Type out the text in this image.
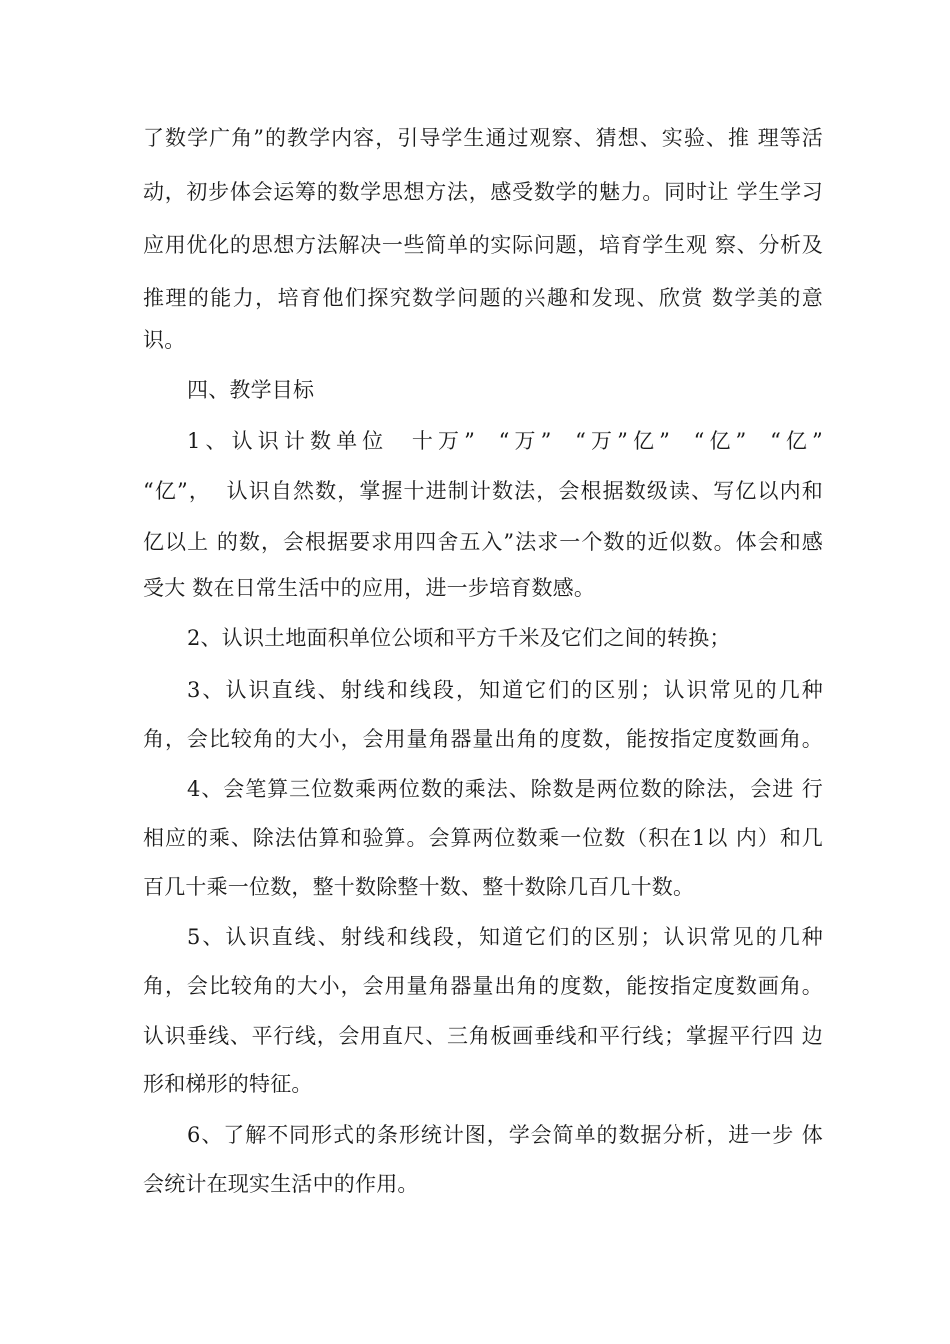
了数学广角”的教学内容，引导学生通过观察、猜想、实验、推 理等活
动，初步体会运筹的数学思想方法，感受数学的魅力。同时让 学生学习
应用优化的思想方法解决一些简单的实际问题，培育学生观 察、分析及
推理的能力，培育他们探究数学问题的兴趣和发现、欣赏 数学美的意
识。
四、教学目标
1、认识计数单位  十万”  “万”  “万”亿”  “亿”  “亿”
“亿”，  认识自然数，掌握十进制计数法，会根据数级读、写亿以内和
亿以上 的数，会根据要求用四舍五入”法求一个数的近似数。体会和感
受大 数在日常生活中的应用，进一步培育数感。
2、认识土地面积单位公顷和平方千米及它们之间的转换；
3、认识直线、射线和线段，知道它们的区别；认识常见的几种
角，会比较角的大小，会用量角器量出角的度数，能按指定度数画角。
4、会笔算三位数乘两位数的乘法、除数是两位数的除法，会进 行
相应的乘、除法估算和验算。会算两位数乘一位数（积在1以 内）和几
百几十乘一位数，整十数除整十数、整十数除几百几十数。
5、认识直线、射线和线段，知道它们的区别；认识常见的几种
角，会比较角的大小，会用量角器量出角的度数，能按指定度数画角。
认识垂线、平行线，会用直尺、三角板画垂线和平行线；掌握平行四 边
形和梯形的特征。
6、了解不同形式的条形统计图，学会简单的数据分析，进一步 体
会统计在现实生活中的作用。
